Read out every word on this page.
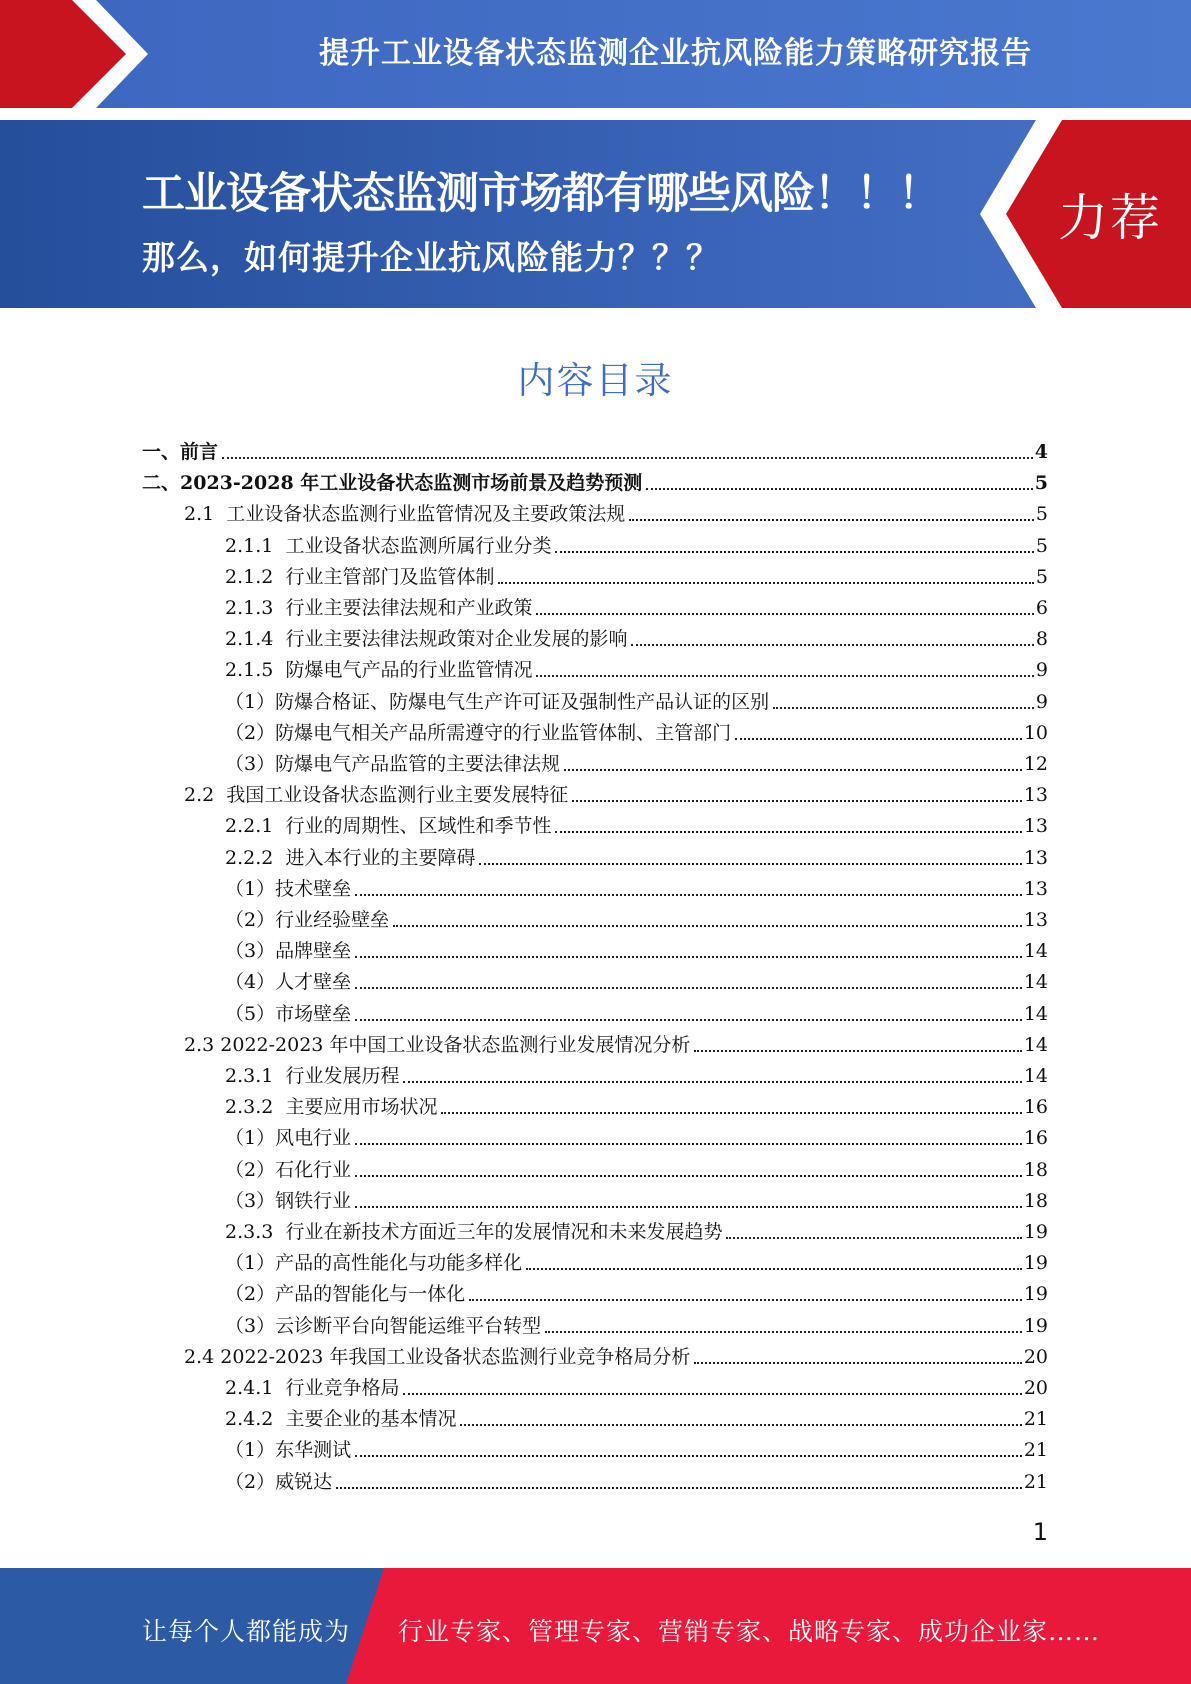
提升工业设备状态监测企业抗风险能力策略研究报告
工业设备状态监测市场都有哪些风险！！！
那么，如何提升企业抗风险能力？？？
力荐
内容目录
一、 前言	4
二、 2023-2028 年工业设备状态监测市场前景及趋势预测	5
2.1 工业设备状态监测行业监管情况及主要政策法规	5
2.1.1 工业设备状态监测所属行业分类	5
2.1.2 行业主管部门及监管体制	5
2.1.3 行业主要法律法规和产业政策	6
2.1.4 行业主要法律法规政策对企业发展的影响	8
2.1.5 防爆电气产品的行业监管情况	9
（1） 防爆合格证、防爆电气生产许可证及强制性产品认证的区别	9
（2） 防爆电气相关产品所需遵守的行业监管体制、主管部门	10
（3） 防爆电气产品监管的主要法律法规	12
2.2 我国工业设备状态监测行业主要发展特征	13
2.2.1 行业的周期性、区域性和季节性	13
2.2.2 进入本行业的主要障碍	13
（1） 技术壁垒	13
（2） 行业经验壁垒	13
（3） 品牌壁垒	14
（4） 人才壁垒	14
（5） 市场壁垒	14
2.3 2022-2023 年中国工业设备状态监测行业发展情况分析	14
2.3.1 行业发展历程	14
2.3.2 主要应用市场状况	16
（1） 风电行业	16
（2） 石化行业	18
（3） 钢铁行业	18
2.3.3 行业在新技术方面近三年的发展情况和未来发展趋势	19
（1） 产品的高性能化与功能多样化	19
（2） 产品的智能化与一体化	19
（3） 云诊断平台向智能运维平台转型	19
2.4 2022-2023 年我国工业设备状态监测行业竞争格局分析	20
2.4.1 行业竞争格局	20
2.4.2 主要企业的基本情况	21
（1） 东华测试	21
（2） 威锐达	21
1
让每个人都能成为 行业专家、管理专家、营销专家、战略专家、成功企业家……
